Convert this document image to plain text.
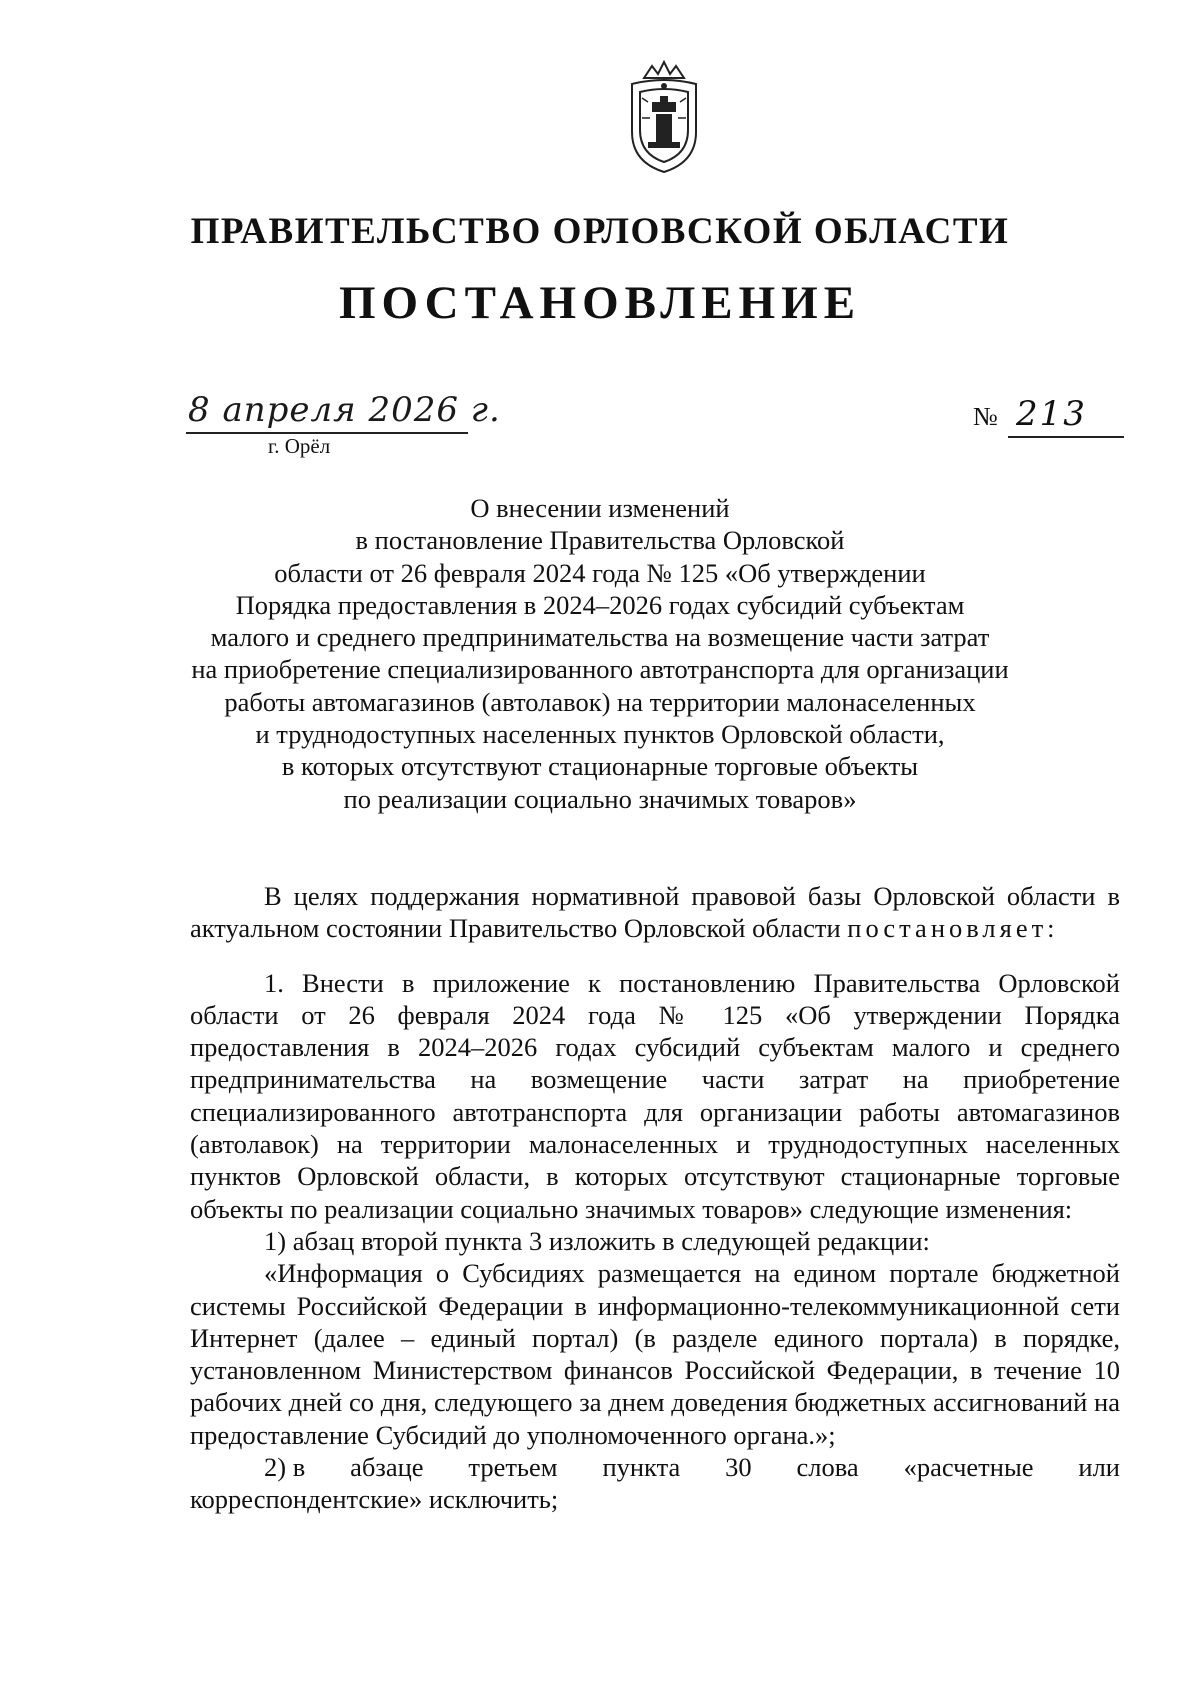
ПРАВИТЕЛЬСТВО ОРЛОВСКОЙ ОБЛАСТИ
ПОСТАНОВЛЕНИЕ
8 апреля 2026 г.
г. Орёл
№ 213
О внесении изменений
в постановление Правительства Орловской
области от 26 февраля 2024 года № 125 «Об утверждении
Порядка предоставления в 2024–2026 годах субсидий субъектам
малого и среднего предпринимательства на возмещение части затрат
на приобретение специализированного автотранспорта для организации
работы автомагазинов (автолавок) на территории малонаселенных
и труднодоступных населенных пунктов Орловской области,
в которых отсутствуют стационарные торговые объекты
по реализации социально значимых товаров»

В целях поддержания нормативной правовой базы Орловской области в актуальном состоянии Правительство Орловской области постановляет:

1. Внести в приложение к постановлению Правительства Орловской области от 26 февраля 2024 года № 125 «Об утверждении Порядка предоставления в 2024–2026 годах субсидий субъектам малого и среднего предпринимательства на возмещение части затрат на приобретение специализированного автотранспорта для организации работы автомагазинов (автолавок) на территории малонаселенных и труднодоступных населенных пунктов Орловской области, в которых отсутствуют стационарные торговые объекты по реализации социально значимых товаров» следующие изменения:

1) абзац второй пункта 3 изложить в следующей редакции:

«Информация о Субсидиях размещается на едином портале бюджетной системы Российской Федерации в информационно-телекоммуникационной сети Интернет (далее – единый портал) (в разделе единого портала) в порядке, установленном Министерством финансов Российской Федерации, в течение 10 рабочих дней со дня, следующего за днем доведения бюджетных ассигнований на предоставление Субсидий до уполномоченного органа.»;

2) в абзаце третьем пункта 30 слова «расчетные или

корреспондентские» исключить;
